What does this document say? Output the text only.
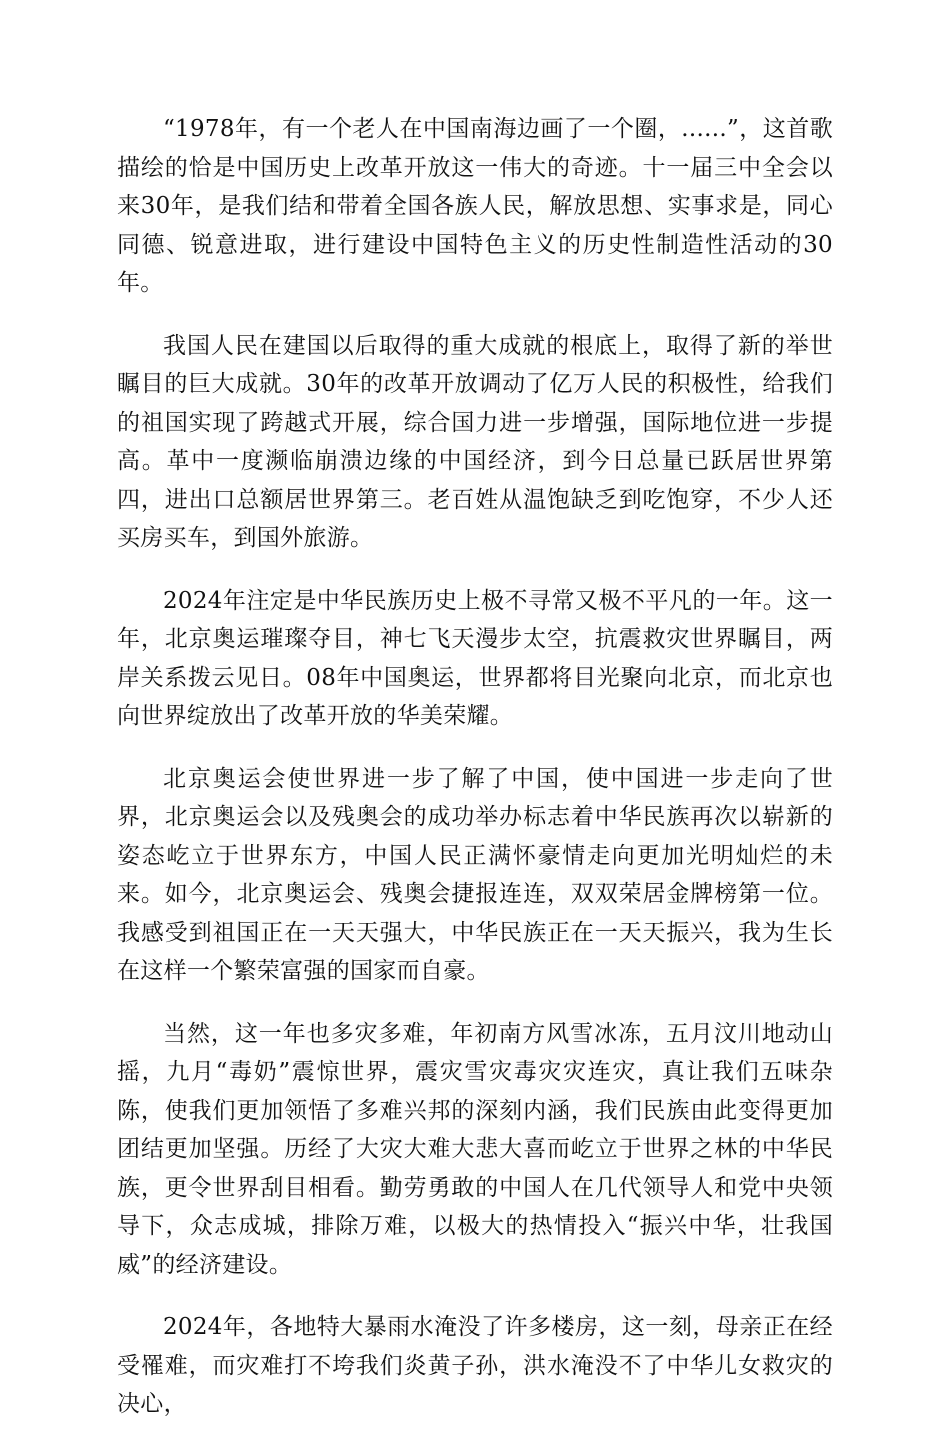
“1978年，有一个老人在中国南海边画了一个圈，......”，这首歌描绘的恰是中国历史上改革开放这一伟大的奇迹。十一届三中全会以来30年，是我们结和带着全国各族人民，解放思想、实事求是，同心同德、锐意进取，进行建设中国特色主义的历史性制造性活动的30年。

我国人民在建国以后取得的重大成就的根底上，取得了新的举世瞩目的巨大成就。30年的改革开放调动了亿万人民的积极性，给我们的祖国实现了跨越式开展，综合国力进一步增强，国际地位进一步提高。革中一度濒临崩溃边缘的中国经济，到今日总量已跃居世界第四，进出口总额居世界第三。老百姓从温饱缺乏到吃饱穿，不少人还买房买车，到国外旅游。

2024年注定是中华民族历史上极不寻常又极不平凡的一年。这一年，北京奥运璀璨夺目，神七飞天漫步太空，抗震救灾世界瞩目，两岸关系拨云见日。08年中国奥运，世界都将目光聚向北京，而北京也向世界绽放出了改革开放的华美荣耀。

北京奥运会使世界进一步了解了中国，使中国进一步走向了世界，北京奥运会以及残奥会的成功举办标志着中华民族再次以崭新的姿态屹立于世界东方，中国人民正满怀豪情走向更加光明灿烂的未来。如今，北京奥运会、残奥会捷报连连，双双荣居金牌榜第一位。我感受到祖国正在一天天强大，中华民族正在一天天振兴，我为生长在这样一个繁荣富强的国家而自豪。

当然，这一年也多灾多难，年初南方风雪冰冻，五月汶川地动山摇，九月“毒奶”震惊世界，震灾雪灾毒灾灾连灾，真让我们五味杂陈，使我们更加领悟了多难兴邦的深刻内涵，我们民族由此变得更加团结更加坚强。历经了大灾大难大悲大喜而屹立于世界之林的中华民族，更令世界刮目相看。勤劳勇敢的中国人在几代领导人和党中央领导下，众志成城，排除万难，以极大的热情投入“振兴中华，壮我国威”的经济建设。

2024年，各地特大暴雨水淹没了许多楼房，这一刻，母亲正在经受罹难，而灾难打不垮我们炎黄子孙，洪水淹没不了中华儿女救灾的决心，
